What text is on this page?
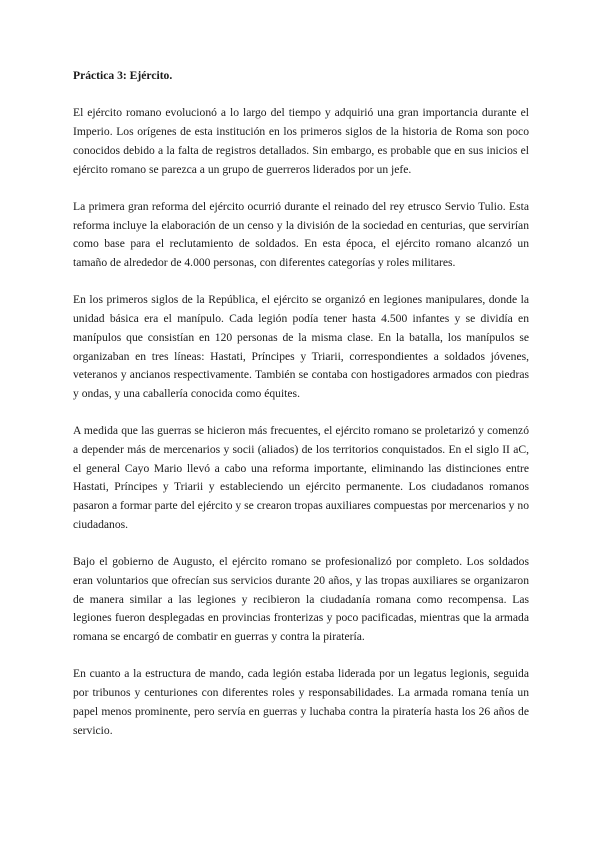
Práctica 3: Ejército.

El ejército romano evolucionó a lo largo del tiempo y adquirió una gran importancia durante el Imperio. Los orígenes de esta institución en los primeros siglos de la historia de Roma son poco conocidos debido a la falta de registros detallados. Sin embargo, es probable que en sus inicios el ejército romano se parezca a un grupo de guerreros liderados por un jefe.

La primera gran reforma del ejército ocurrió durante el reinado del rey etrusco Servio Tulio. Esta reforma incluye la elaboración de un censo y la división de la sociedad en centurias, que servirían como base para el reclutamiento de soldados. En esta época, el ejército romano alcanzó un tamaño de alrededor de 4.000 personas, con diferentes categorías y roles militares.

En los primeros siglos de la República, el ejército se organizó en legiones manipulares, donde la unidad básica era el manípulo. Cada legión podía tener hasta 4.500 infantes y se dividía en manípulos que consistían en 120 personas de la misma clase. En la batalla, los manípulos se organizaban en tres líneas: Hastati, Príncipes y Triarii, correspondientes a soldados jóvenes, veteranos y ancianos respectivamente. También se contaba con hostigadores armados con piedras y ondas, y una caballería conocida como équites.

A medida que las guerras se hicieron más frecuentes, el ejército romano se proletarizó y comenzó a depender más de mercenarios y socii (aliados) de los territorios conquistados. En el siglo II aC, el general Cayo Mario llevó a cabo una reforma importante, eliminando las distinciones entre Hastati, Príncipes y Triarii y estableciendo un ejército permanente. Los ciudadanos romanos pasaron a formar parte del ejército y se crearon tropas auxiliares compuestas por mercenarios y no ciudadanos.

Bajo el gobierno de Augusto, el ejército romano se profesionalizó por completo. Los soldados eran voluntarios que ofrecían sus servicios durante 20 años, y las tropas auxiliares se organizaron de manera similar a las legiones y recibieron la ciudadanía romana como recompensa. Las legiones fueron desplegadas en provincias fronterizas y poco pacificadas, mientras que la armada romana se encargó de combatir en guerras y contra la piratería.

En cuanto a la estructura de mando, cada legión estaba liderada por un legatus legionis, seguida por tribunos y centuriones con diferentes roles y responsabilidades. La armada romana tenía un papel menos prominente, pero servía en guerras y luchaba contra la piratería hasta los 26 años de servicio.
